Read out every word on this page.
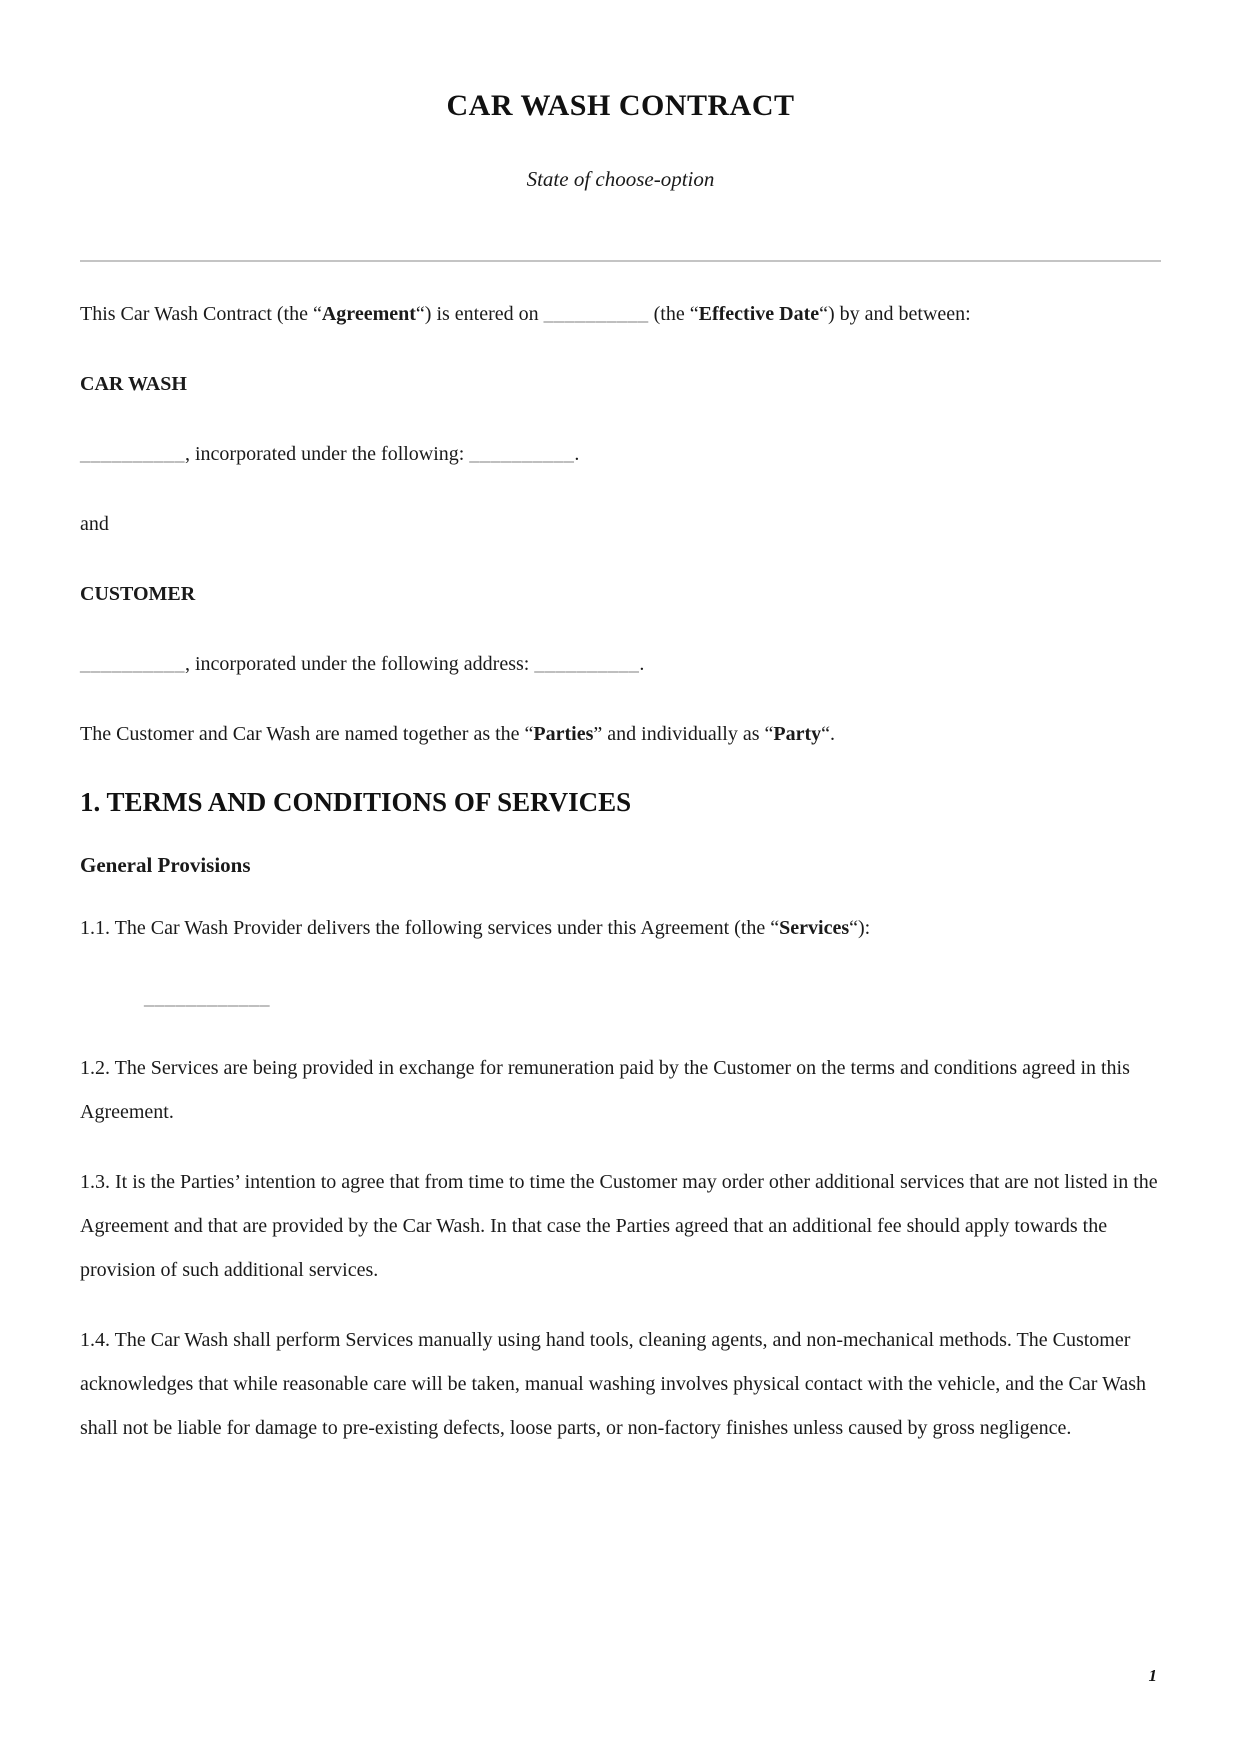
CAR WASH CONTRACT

State of choose-option

This Car Wash Contract (the “Agreement“) is entered on __________ (the “Effective Date“) by and between:

CAR WASH

__________, incorporated under the following: __________.

and

CUSTOMER

__________, incorporated under the following address: __________.

The Customer and Car Wash are named together as the “Parties” and individually as “Party“.

1. TERMS AND CONDITIONS OF SERVICES
General Provisions

1.1. The Car Wash Provider delivers the following services under this Agreement (the “Services“):

____________

1.2. The Services are being provided in exchange for remuneration paid by the Customer on the terms and conditions agreed in this Agreement.

1.3. It is the Parties’ intention to agree that from time to time the Customer may order other additional services that are not listed in the Agreement and that are provided by the Car Wash. In that case the Parties agreed that an additional fee should apply towards the provision of such additional services.

1.4. The Car Wash shall perform Services manually using hand tools, cleaning agents, and non-mechanical methods. The Customer acknowledges that while reasonable care will be taken, manual washing involves physical contact with the vehicle, and the Car Wash shall not be liable for damage to pre-existing defects, loose parts, or non-factory finishes unless caused by gross negligence.

1
